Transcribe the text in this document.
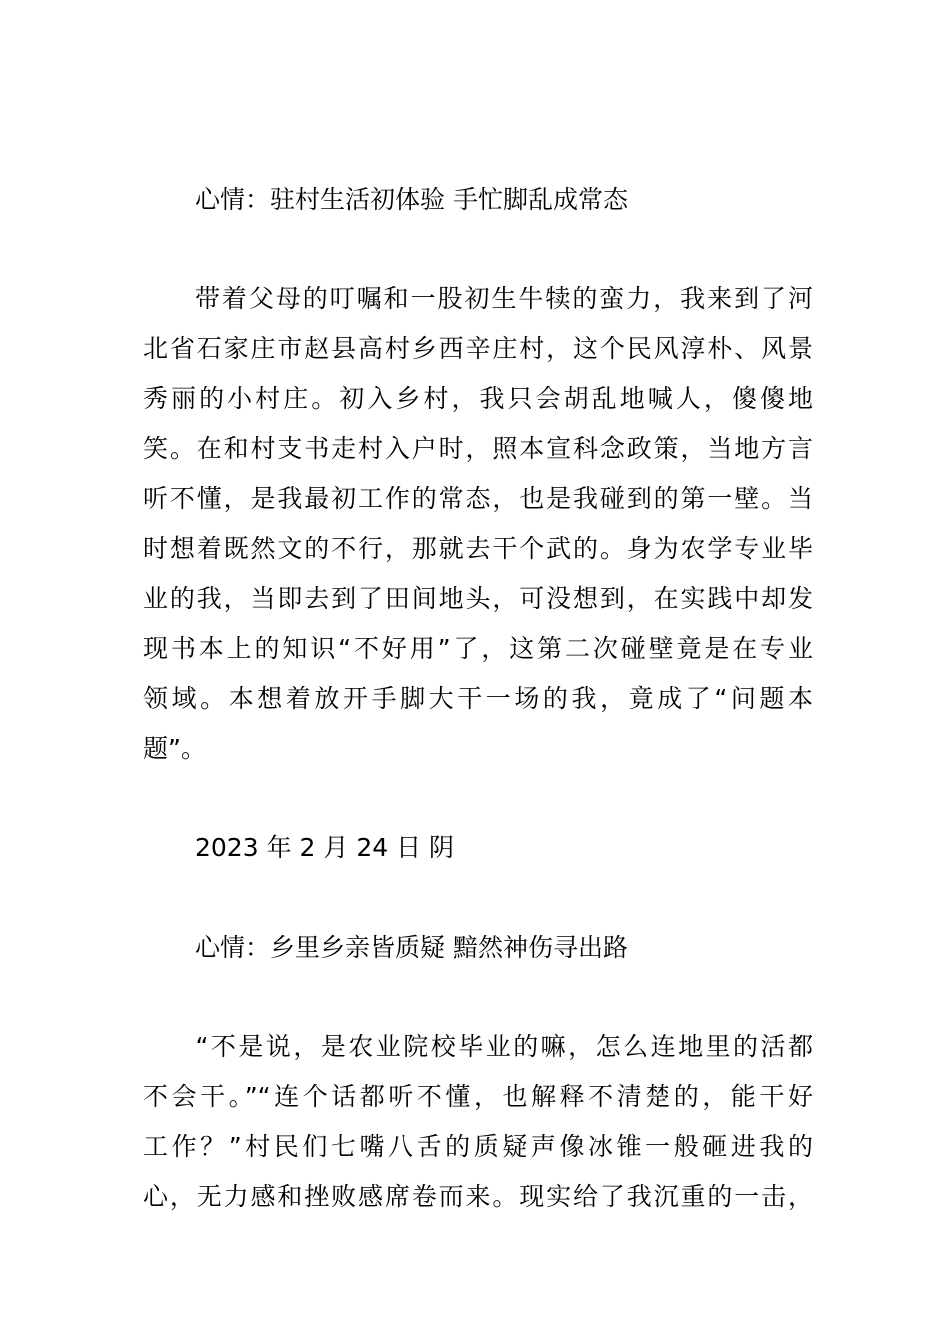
心情：驻村生活初体验 手忙脚乱成常态
　带着父母的叮嘱和一股初生牛犊的蛮力，我来到了河
北省石家庄市赵县高村乡西辛庄村，这个民风淳朴、风景
秀丽的小村庄。初入乡村，我只会胡乱地喊人，傻傻地
笑。在和村支书走村入户时，照本宣科念政策，当地方言
听不懂，是我最初工作的常态，也是我碰到的第一壁。当
时想着既然文的不行，那就去干个武的。身为农学专业毕
业的我，当即去到了田间地头，可没想到，在实践中却发
现书本上的知识“不好用”了，这第二次碰壁竟是在专业
领域。本想着放开手脚大干一场的我，竟成了“问题本
题”。
2023 年 2 月 24 日 阴
心情：乡里乡亲皆质疑 黯然神伤寻出路
　“不是说，是农业院校毕业的嘛，怎么连地里的活都
不会干。”“连个话都听不懂，也解释不清楚的，能干好
工作？”村民们七嘴八舌的质疑声像冰锥一般砸进我的
心，无力感和挫败感席卷而来。现实给了我沉重的一击，
